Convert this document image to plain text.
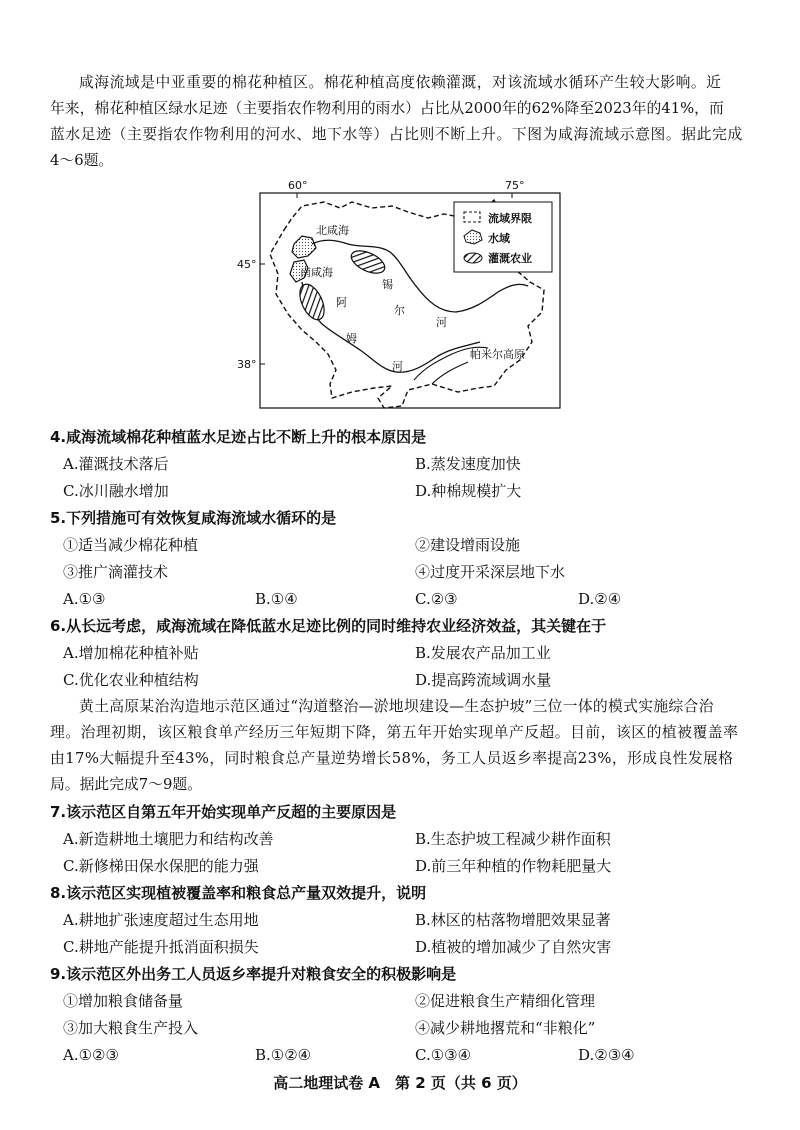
咸海流域是中亚重要的棉花种植区。棉花种植高度依赖灌溉，对该流域水循环产生较大影响。近
年来，棉花种植区绿水足迹（主要指农作物利用的雨水）占比从2000年的62%降至2023年的41%，而
蓝水足迹（主要指农作物利用的河水、地下水等）占比则不断上升。下图为咸海流域示意图。据此完成
4～6题。
60°	75°
45°
38°
北咸海
南咸海
锡
尔
河
阿
姆
河
帕米尔高原
流域界限
水域
灌溉农业
4.咸海流域棉花种植蓝水足迹占比不断上升的根本原因是
A.灌溉技术落后	B.蒸发速度加快
C.冰川融水增加	D.种棉规模扩大
5.下列措施可有效恢复咸海流域水循环的是
①适当减少棉花种植	②建设增雨设施
③推广滴灌技术	④过度开采深层地下水
A.①③	B.①④	C.②③	D.②④
6.从长远考虑，咸海流域在降低蓝水足迹比例的同时维持农业经济效益，其关键在于
A.增加棉花种植补贴	B.发展农产品加工业
C.优化农业种植结构	D.提高跨流域调水量
黄土高原某治沟造地示范区通过“沟道整治—淤地坝建设—生态护坡”三位一体的模式实施综合治
理。治理初期，该区粮食单产经历三年短期下降，第五年开始实现单产反超。目前，该区的植被覆盖率
由17%大幅提升至43%，同时粮食总产量逆势增长58%，务工人员返乡率提高23%，形成良性发展格
局。据此完成7～9题。
7.该示范区自第五年开始实现单产反超的主要原因是
A.新造耕地土壤肥力和结构改善	B.生态护坡工程减少耕作面积
C.新修梯田保水保肥的能力强	D.前三年种植的作物耗肥量大
8.该示范区实现植被覆盖率和粮食总产量双效提升，说明
A.耕地扩张速度超过生态用地	B.林区的枯落物增肥效果显著
C.耕地产能提升抵消面积损失	D.植被的增加减少了自然灾害
9.该示范区外出务工人员返乡率提升对粮食安全的积极影响是
①增加粮食储备量	②促进粮食生产精细化管理
③加大粮食生产投入	④减少耕地撂荒和“非粮化”
A.①②③	B.①②④	C.①③④	D.②③④
高二地理试卷 A　第 2 页（共 6 页）
